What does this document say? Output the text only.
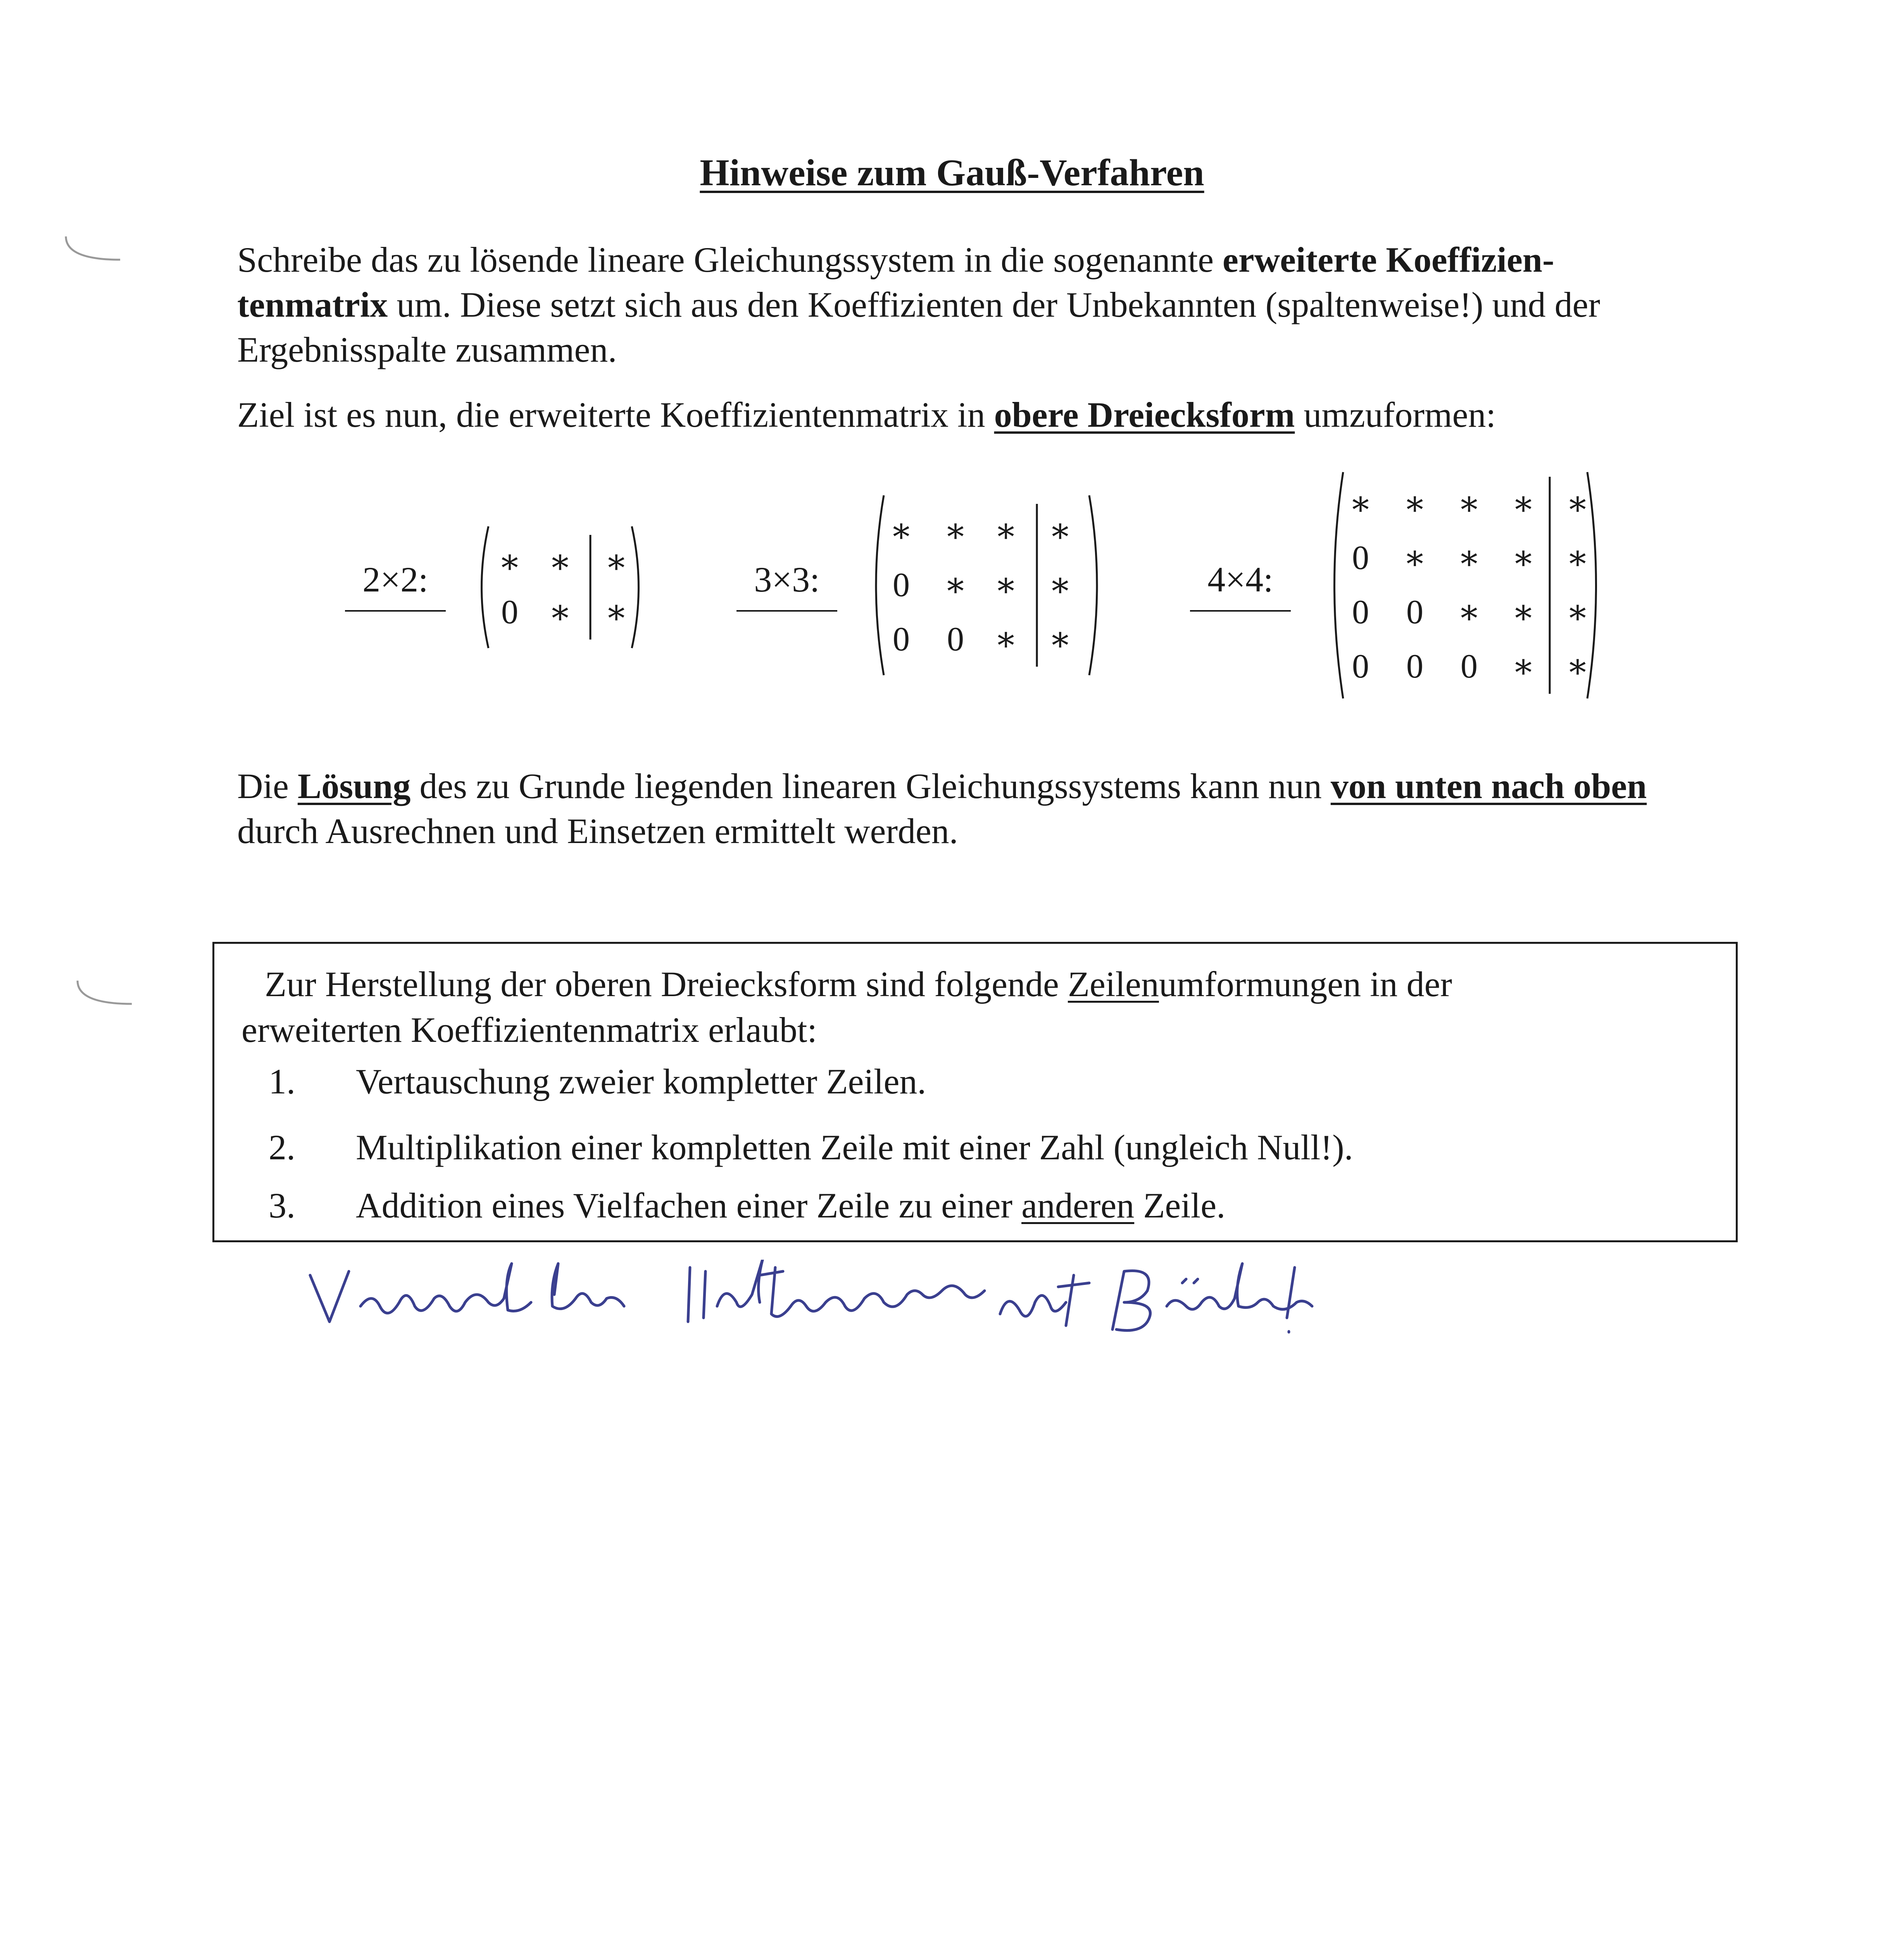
Hinweise zum Gauß-Verfahren
Schreibe das zu lösende lineare Gleichungssystem in die sogenannte erweiterte Koeffizien-tenmatrix um. Diese setzt sich aus den Koeffizienten der Unbekannten (spaltenweise!) und der Ergebnisspalte zusammen.
Ziel ist es nun, die erweiterte Koeffizientenmatrix in obere Dreiecksform umzuformen:
2×2:	3×3:	4×4:
∗ ∗ ∗
0 ∗ ∗
∗ ∗ ∗ ∗
0	∗ ∗ ∗
0	0 ∗ ∗
∗ ∗ ∗ ∗ ∗
0	∗ ∗ ∗ ∗
0	0	∗ ∗ ∗
0	0	0	∗ ∗
Die Lösung des zu Grunde liegenden linearen Gleichungssystems kann nun von unten nach oben durch Ausrechnen und Einsetzen ermittelt werden.
Zur Herstellung der oberen Dreiecksform sind folgende Zeilenumformungen in der
erweiterten Koeffizientenmatrix erlaubt:
1.	Vertauschung zweier kompletter Zeilen.
2.	Multiplikation einer kompletten Zeile mit einer Zahl (ungleich Null!).
3.	Addition eines Vielfachen einer Zeile zu einer anderen Zeile.
